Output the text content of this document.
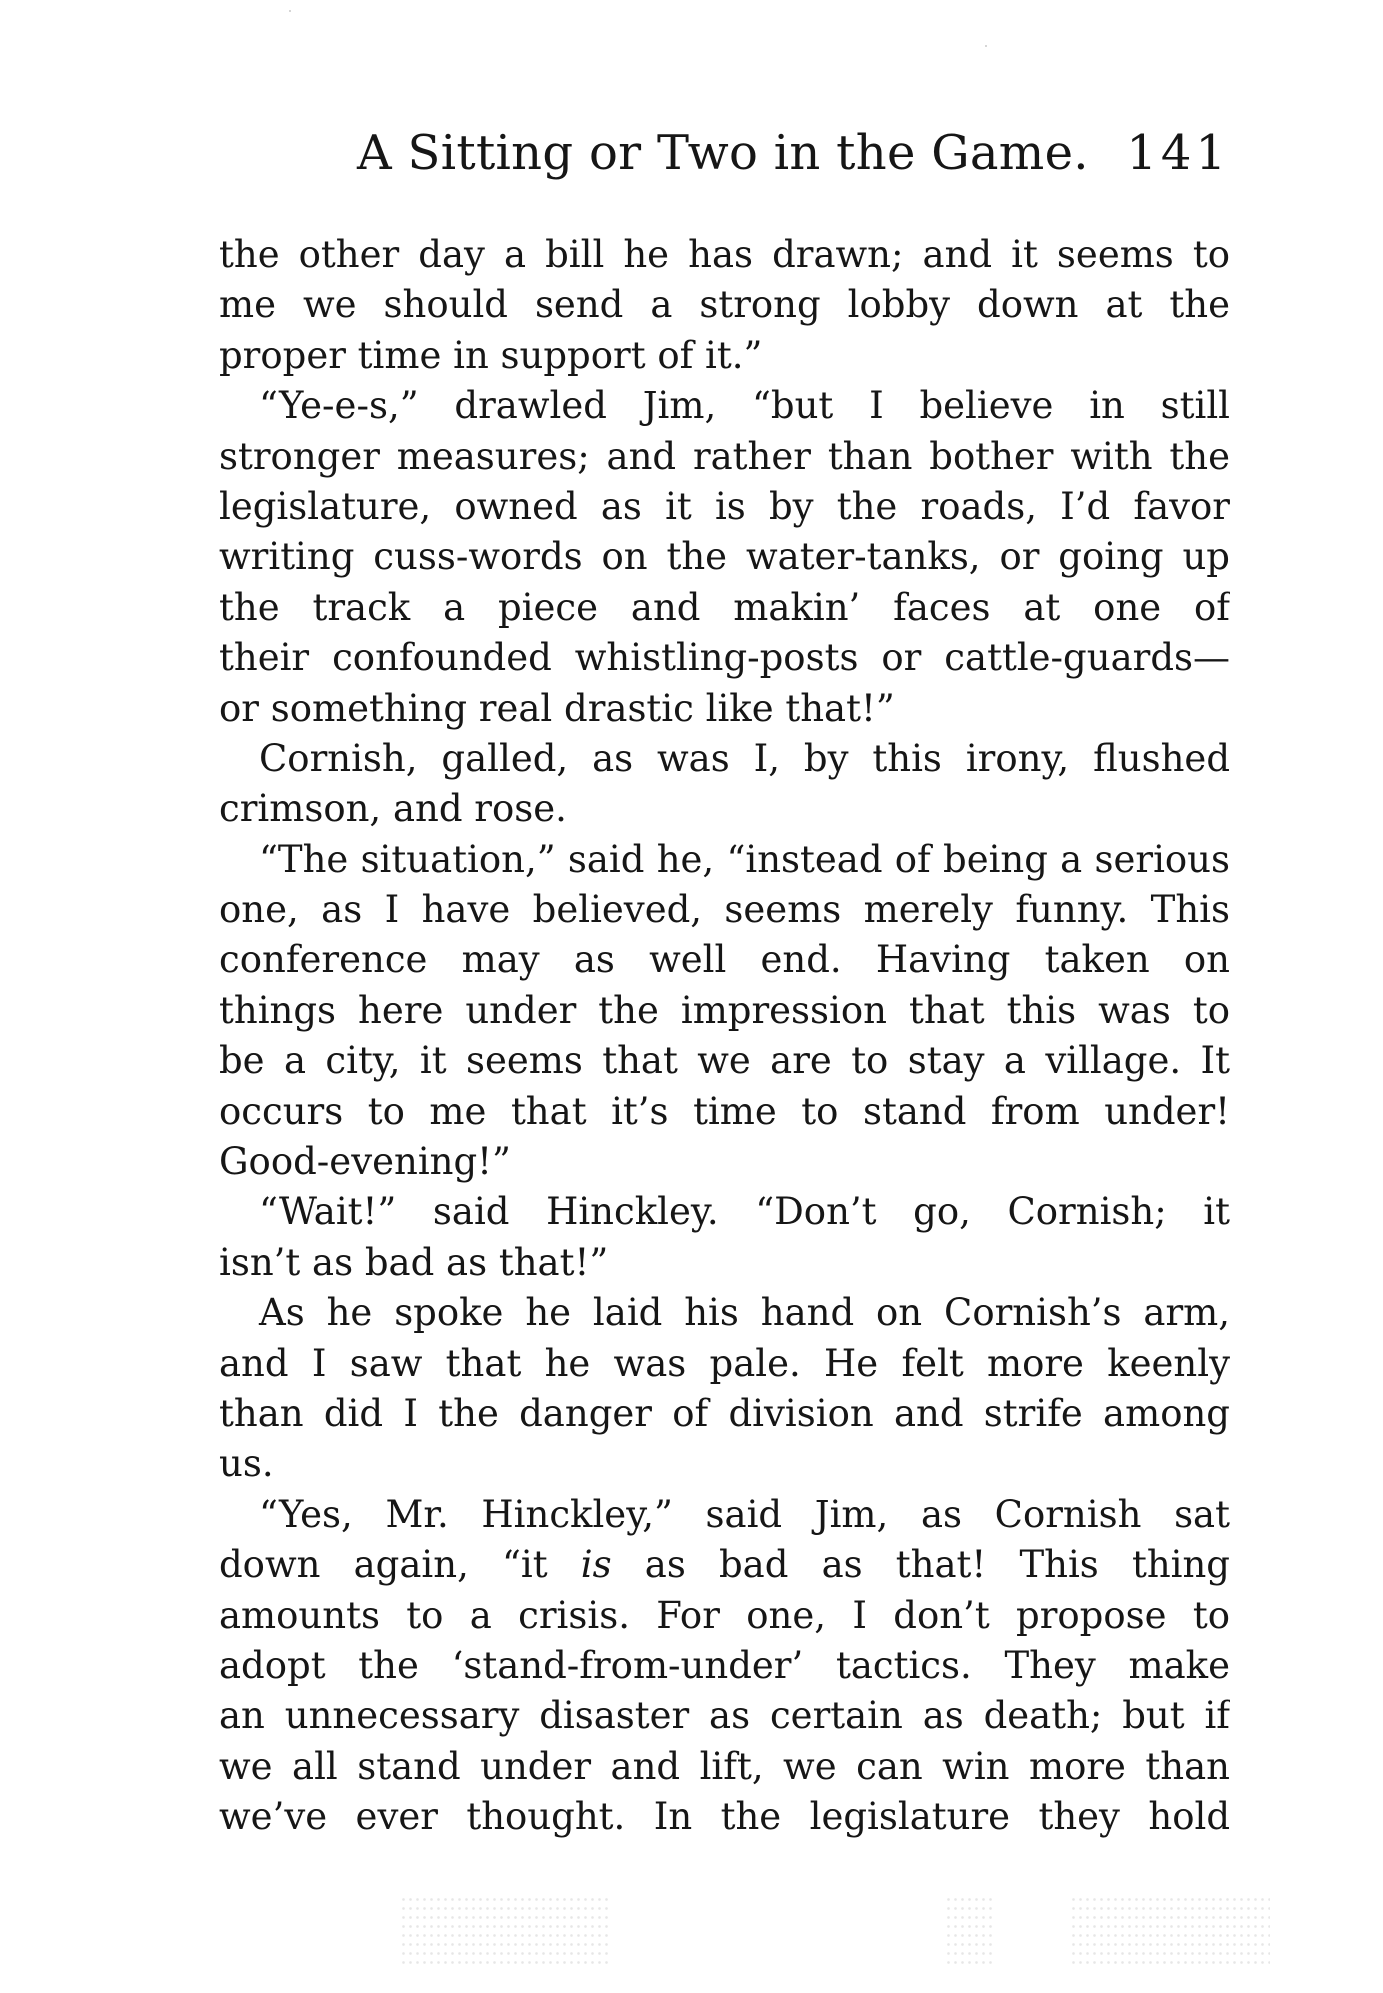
A Sitting or Two in the Game. 141
the other day a bill he has drawn; and it seems to
me we should send a strong lobby down at the
proper time in support of it.”
“Ye-e-s,” drawled Jim, “but I believe in still
stronger measures; and rather than bother with the
legislature, owned as it is by the roads, I’d favor
writing cuss-words on the water-tanks, or going up
the track a piece and makin’ faces at one of
their confounded whistling-posts or cattle-guards—
or something real drastic like that!”
Cornish, galled, as was I, by this irony, flushed
crimson, and rose.
“The situation,” said he, “instead of being a serious
one, as I have believed, seems merely funny. This
conference may as well end. Having taken on
things here under the impression that this was to
be a city, it seems that we are to stay a village. It
occurs to me that it’s time to stand from under!
Good-evening!”
“Wait!” said Hinckley. “Don’t go, Cornish; it
isn’t as bad as that!”
As he spoke he laid his hand on Cornish’s arm,
and I saw that he was pale. He felt more keenly
than did I the danger of division and strife among
us.
“Yes, Mr. Hinckley,” said Jim, as Cornish sat
down again, “it is as bad as that! This thing
amounts to a crisis. For one, I don’t propose to
adopt the ‘stand-from-under’ tactics. They make
an unnecessary disaster as certain as death; but if
we all stand under and lift, we can win more than
we’ve ever thought. In the legislature they hold
